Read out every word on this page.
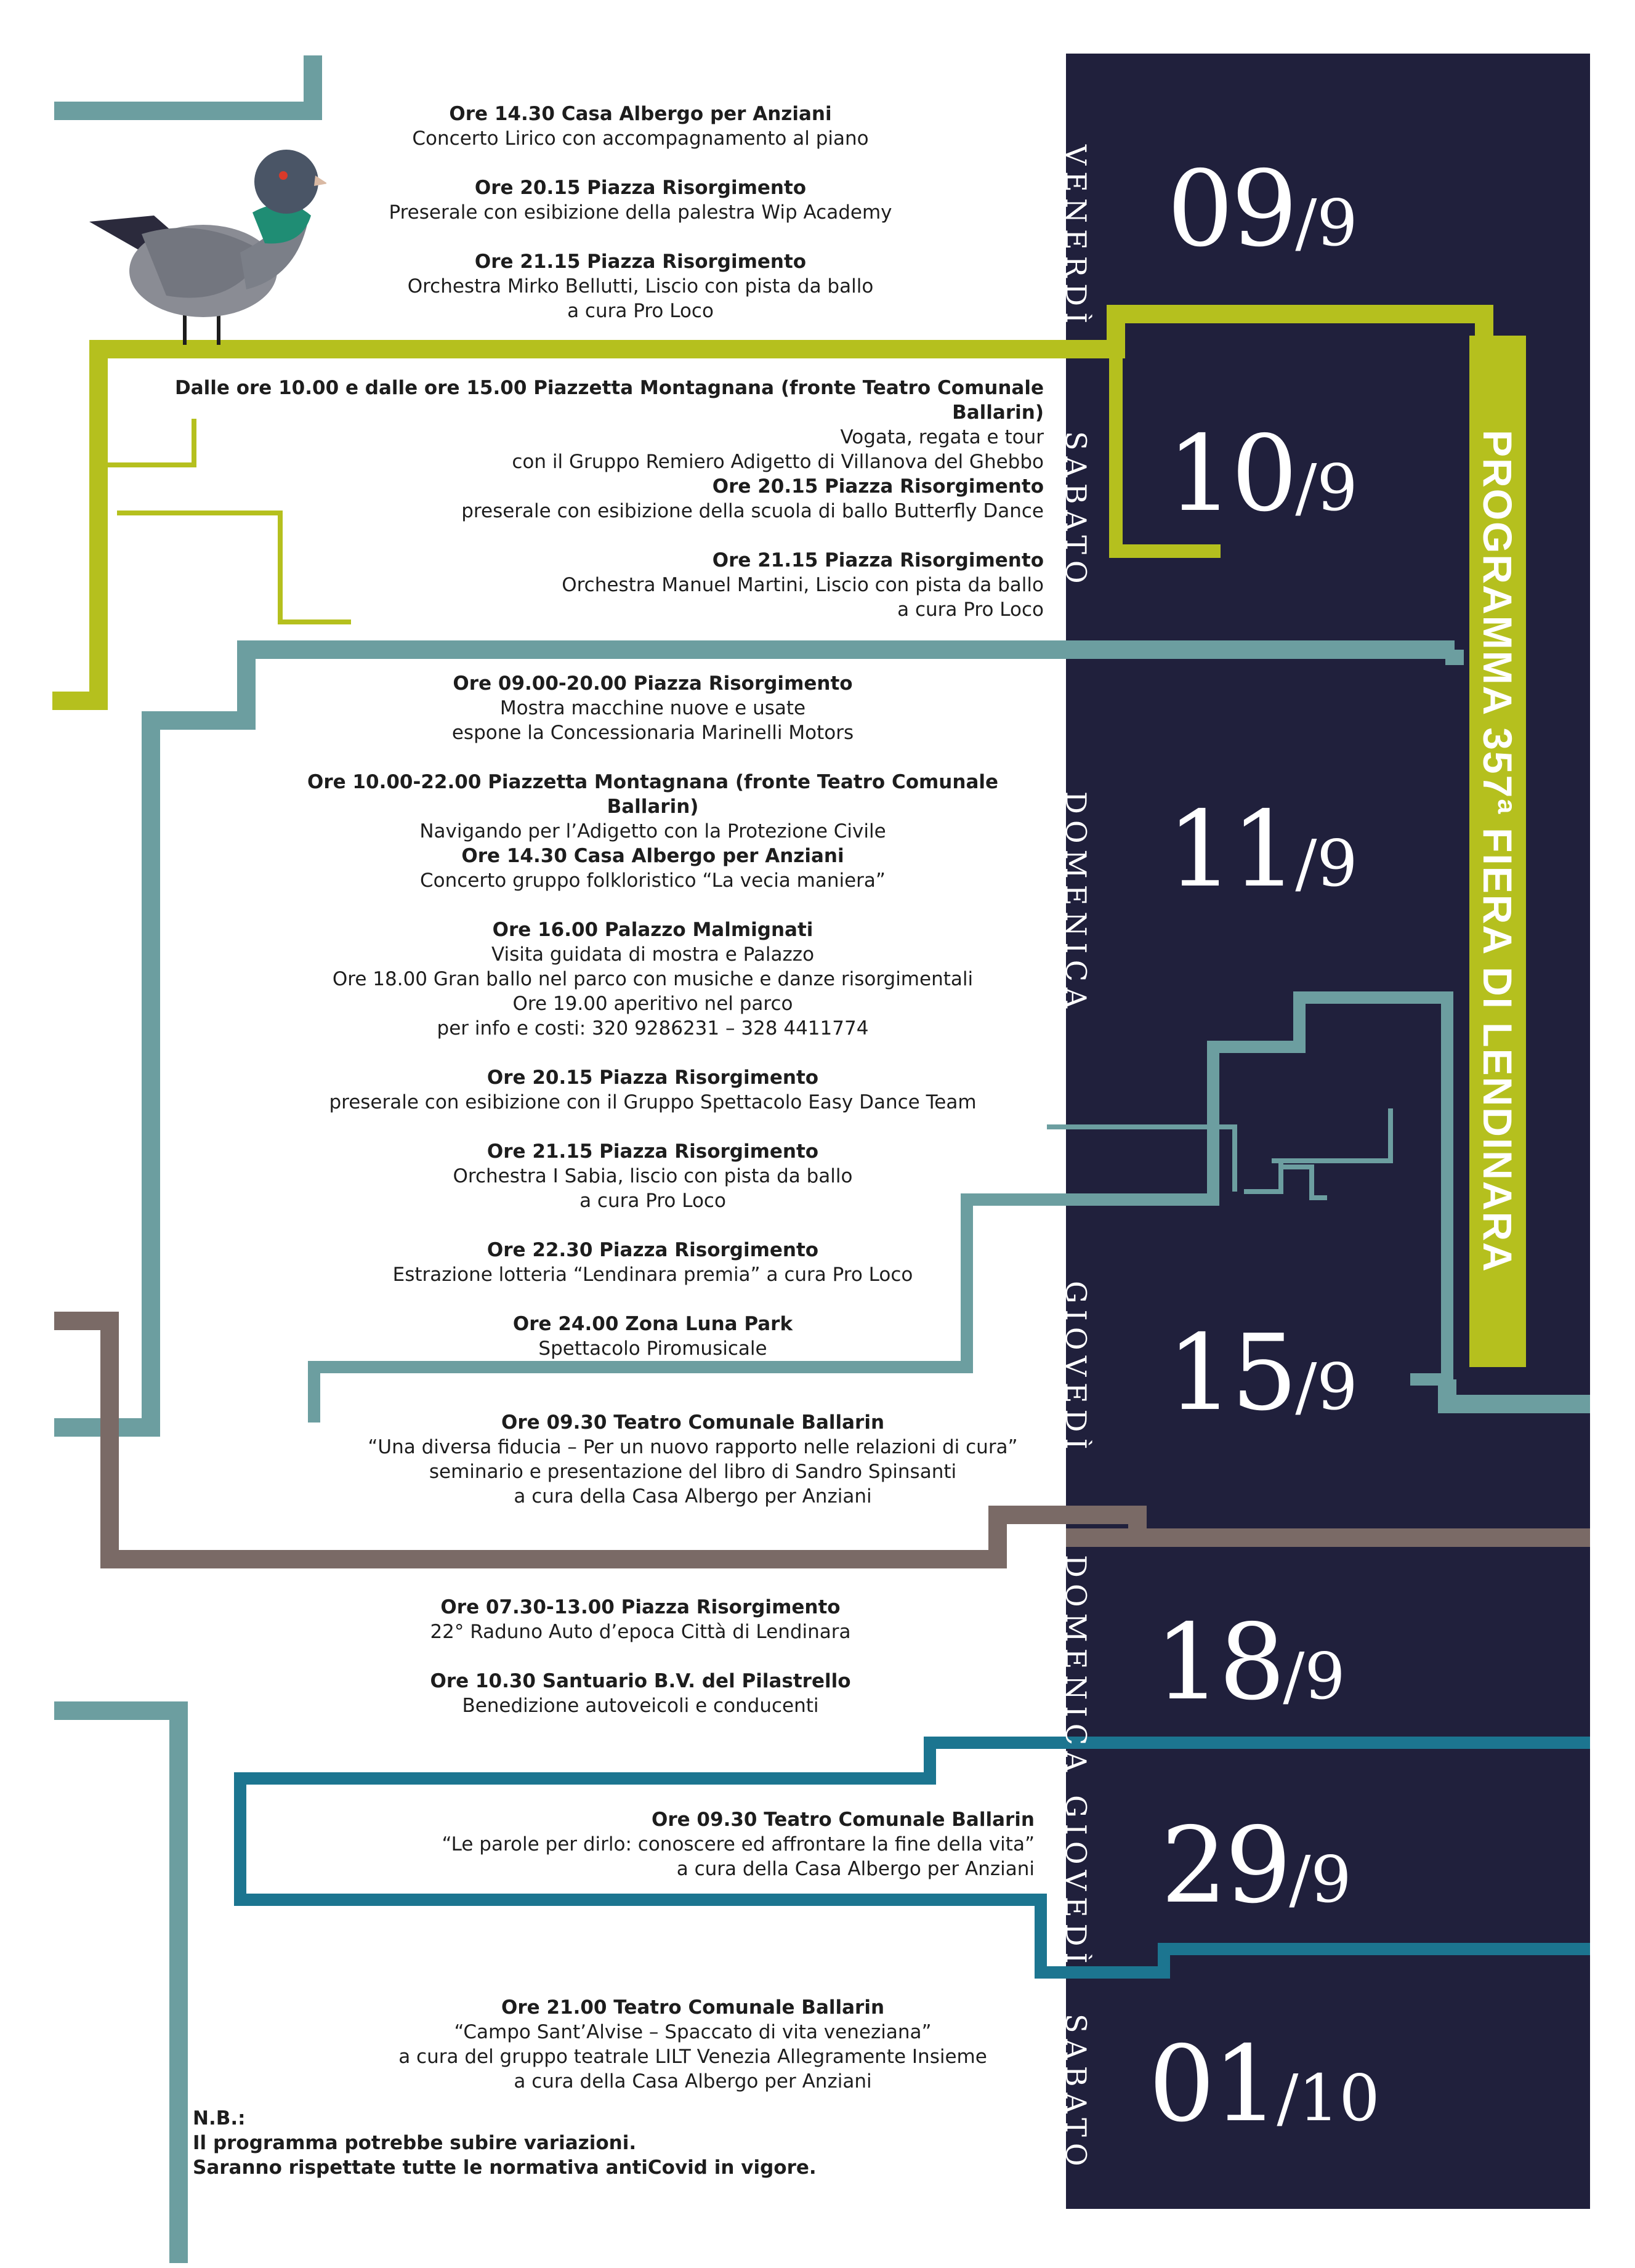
PROGRAMMA 357ª FIERA DI LENDINARA
VENERDÌ
SABATO
DOMENICA
GIOVEDÌ
DOMENICA
GIOVEDÌ
SABATO
09/9
10/9
11/9
15/9
18/9
29/9
01/10
Ore 14.30 Casa Albergo per Anziani
Concerto Lirico con accompagnamento al piano
Ore 20.15 Piazza Risorgimento
Preserale con esibizione della palestra Wip Academy
Ore 21.15 Piazza Risorgimento
Orchestra Mirko Bellutti, Liscio con pista da ballo
a cura Pro Loco
Dalle ore 10.00 e dalle ore 15.00 Piazzetta Montagnana (fronte Teatro Comunale Ballarin)
Vogata, regata e tour
con il Gruppo Remiero Adigetto di Villanova del Ghebbo
Ore 20.15 Piazza Risorgimento
preserale con esibizione della scuola di ballo Butterfly Dance
Ore 21.15 Piazza Risorgimento
Orchestra Manuel Martini, Liscio con pista da ballo
a cura Pro Loco
Ore 09.00-20.00 Piazza Risorgimento
Mostra macchine nuove e usate
espone la Concessionaria Marinelli Motors
Ore 10.00-22.00 Piazzetta Montagnana (fronte Teatro Comunale Ballarin)
Navigando per l’Adigetto con la Protezione Civile
Ore 14.30 Casa Albergo per Anziani
Concerto gruppo folkloristico “La vecia maniera”
Ore 16.00 Palazzo Malmignati
Visita guidata di mostra e Palazzo
Ore 18.00 Gran ballo nel parco con musiche e danze risorgimentali
Ore 19.00 aperitivo nel parco
per info e costi: 320 9286231 – 328 4411774
Ore 20.15 Piazza Risorgimento
preserale con esibizione con il Gruppo Spettacolo Easy Dance Team
Ore 21.15 Piazza Risorgimento
Orchestra I Sabia, liscio con pista da ballo
a cura Pro Loco
Ore 22.30 Piazza Risorgimento
Estrazione lotteria “Lendinara premia” a cura Pro Loco
Ore 24.00 Zona Luna Park
Spettacolo Piromusicale
Ore 09.30 Teatro Comunale Ballarin
“Una diversa fiducia – Per un nuovo rapporto nelle relazioni di cura”
seminario e presentazione del libro di Sandro Spinsanti
a cura della Casa Albergo per Anziani
Ore 07.30-13.00 Piazza Risorgimento
22° Raduno Auto d’epoca Città di Lendinara
Ore 10.30 Santuario B.V. del Pilastrello
Benedizione autoveicoli e conducenti
Ore 09.30 Teatro Comunale Ballarin
“Le parole per dirlo: conoscere ed affrontare la fine della vita”
a cura della Casa Albergo per Anziani
Ore 21.00 Teatro Comunale Ballarin
“Campo Sant’Alvise – Spaccato di vita veneziana”
a cura del gruppo teatrale LILT Venezia Allegramente Insieme
a cura della Casa Albergo per Anziani
N.B.:
Il programma potrebbe subire variazioni.
Saranno rispettate tutte le normativa antiCovid in vigore.
